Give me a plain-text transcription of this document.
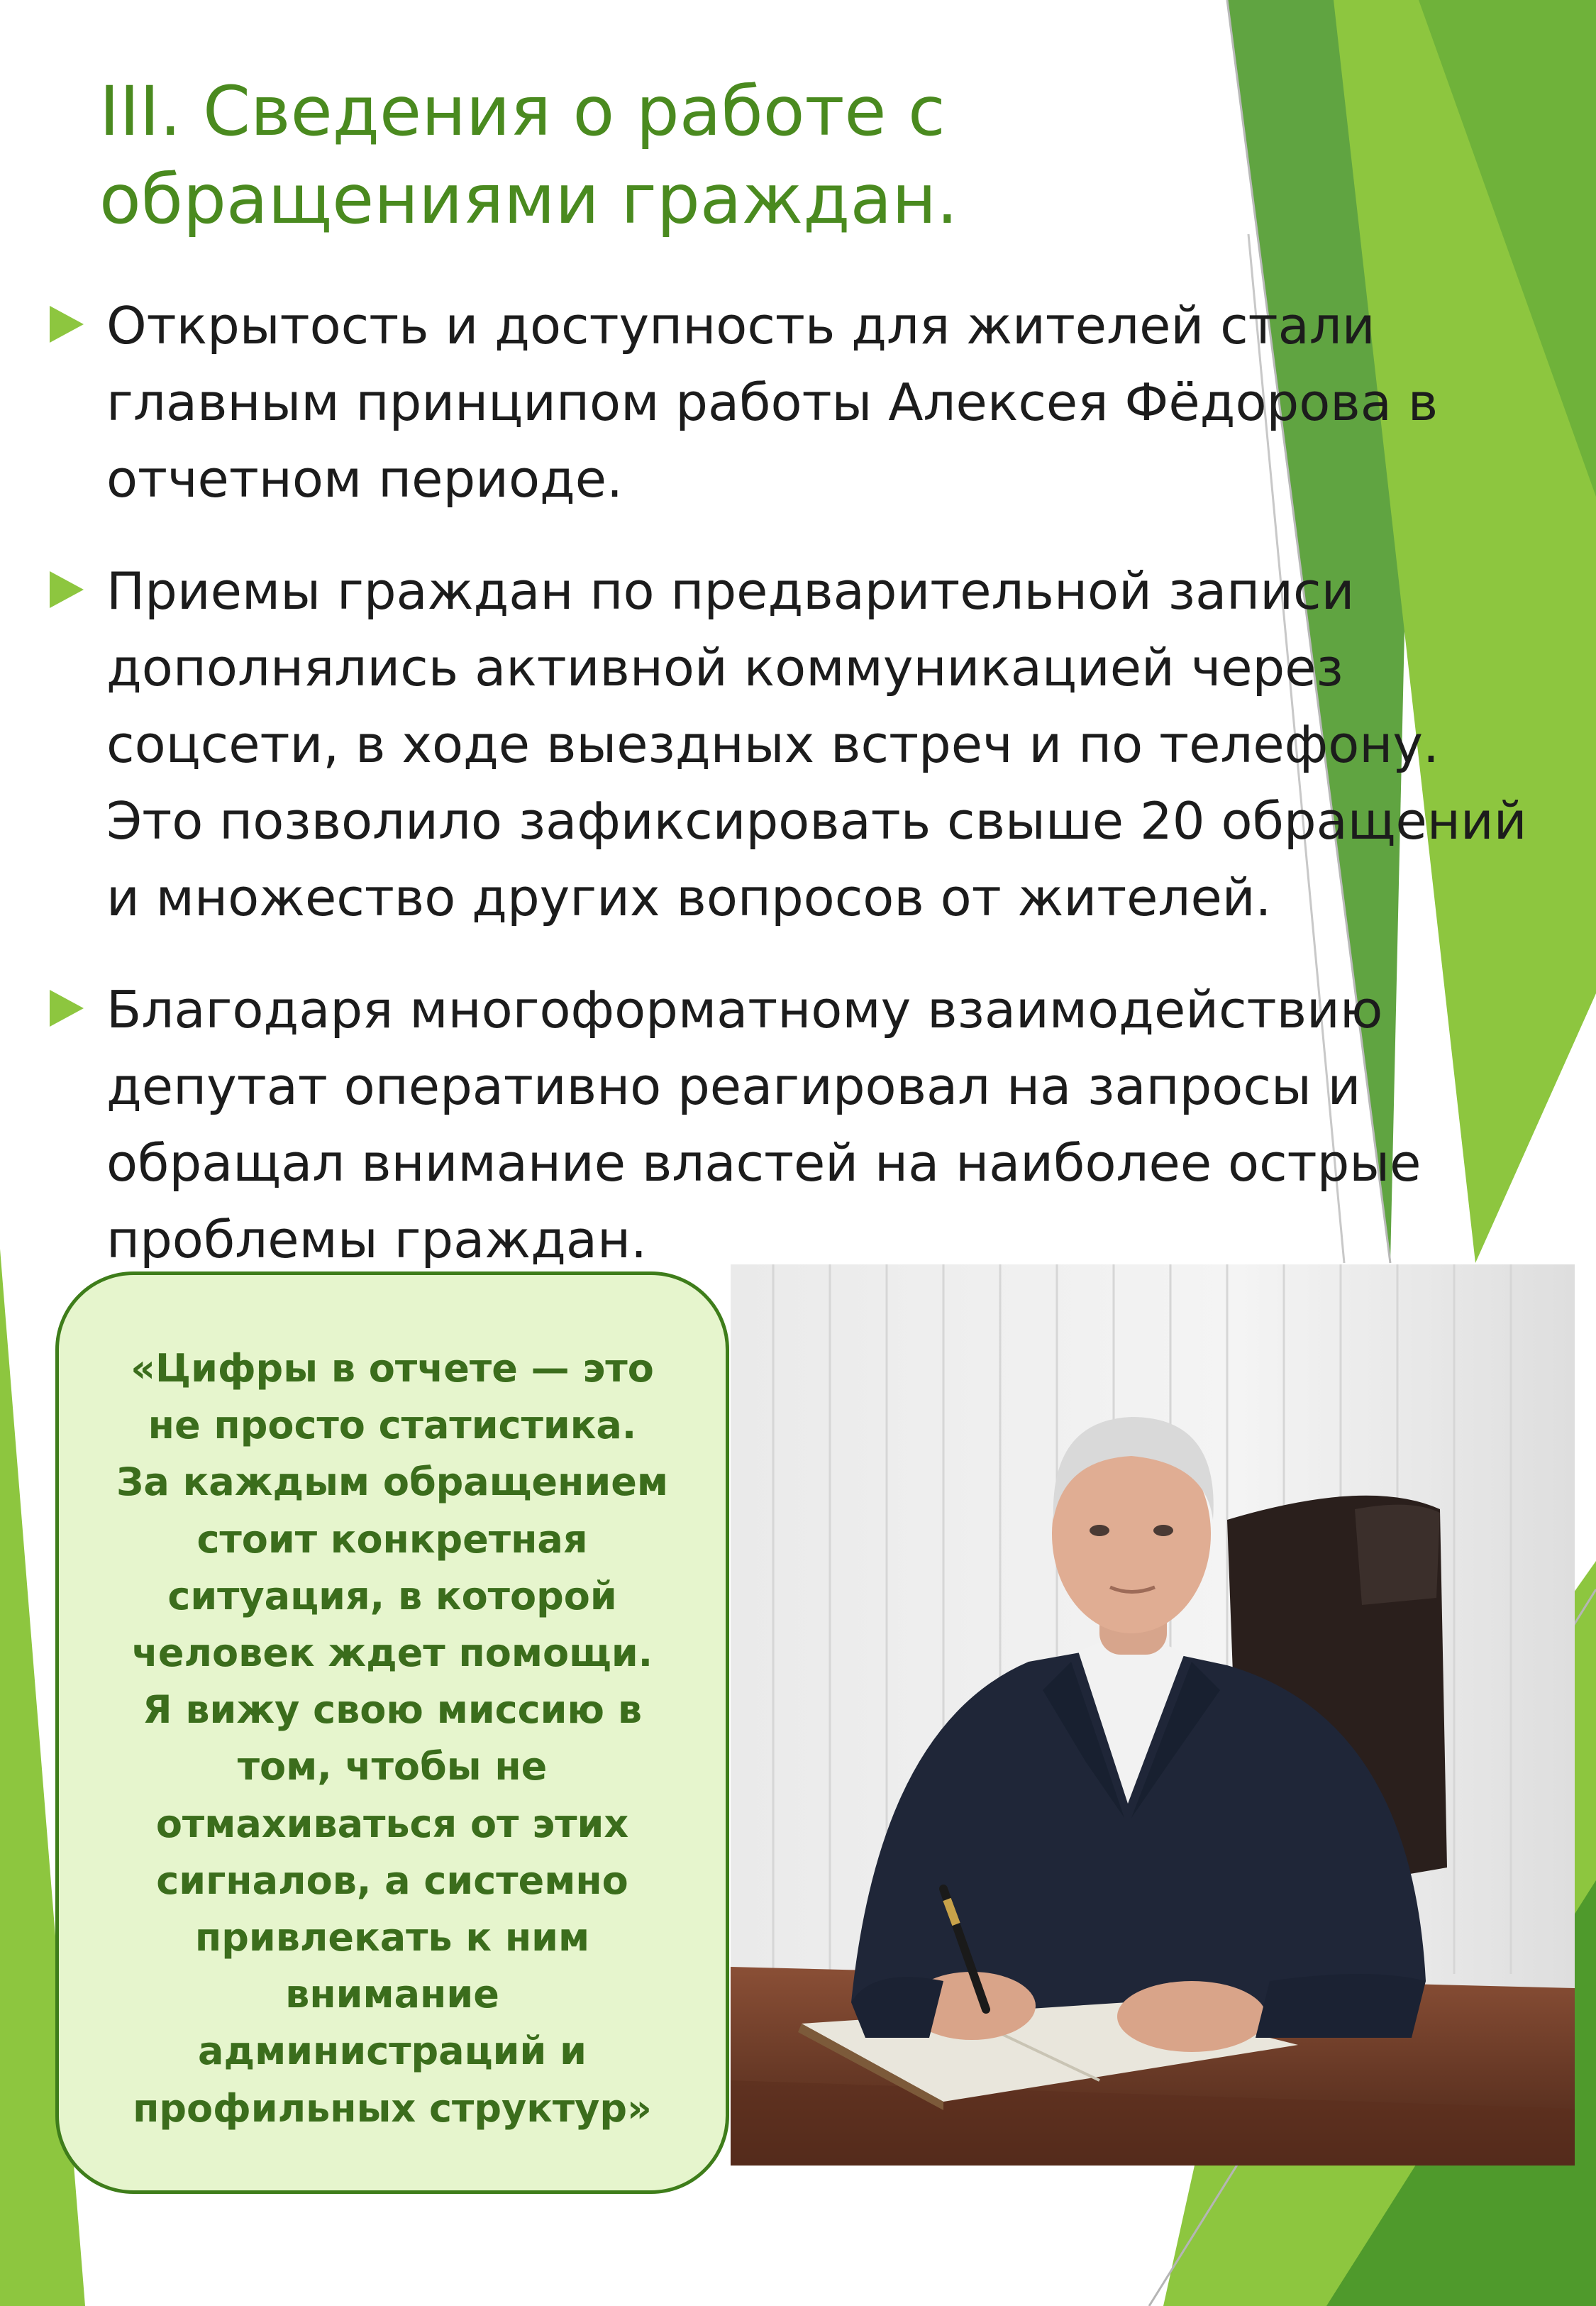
III. Сведения о работе с
обращениями граждан.
Открытость и доступность для жителей стали
главным принципом работы Алексея Фёдорова в
отчетном периоде.
Приемы граждан по предварительной записи
дополнялись активной коммуникацией через
соцсети, в ходе выездных встреч и по телефону.
Это позволило зафиксировать свыше 20 обращений
и множество других вопросов от жителей.
Благодаря многоформатному взаимодействию
депутат оперативно реагировал на запросы и
обращал внимание властей на наиболее острые
проблемы граждан.

«Цифры в отчете — это
не просто статистика.
За каждым обращением
стоит конкретная
ситуация, в которой
человек ждет помощи.
Я вижу свою миссию в
том, чтобы не
отмахиваться от этих
сигналов, а системно
привлекать к ним
внимание
администраций и
профильных структур»
